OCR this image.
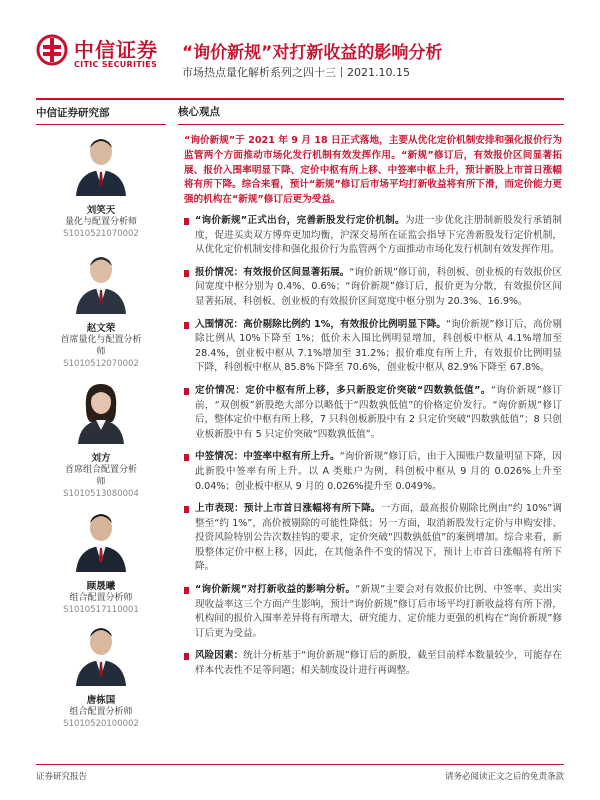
中信证券
CITIC SECURITIES
“询价新规”对打新收益的影响分析
市场热点量化解析系列之四十三丨2021.10.15
中信证券研究部	核心观点
刘笑天
量化与配置分析师
S1010521070002
赵文荣
首席量化与配置分析师
S1010512070002
刘方
首席组合配置分析师
S1010513080004
顾晟曦
组合配置分析师
S1010517110001
唐栋国
组合配置分析师
S1010520100002
“询价新规”于 2021 年 9 月 18 日正式落地，主要从优化定价机制安排和强化报价行为监管两个方面推动市场化发行机制有效发挥作用。“新规”修订后，有效报价区间显著拓展、报价入围率明显下降、定价中枢有所上移、中签率中枢上升，预计新股上市首日涨幅将有所下降。综合来看，预计“新规”修订后市场平均打新收益将有所下滑，而定价能力更强的机构在“新规”修订后更为受益。
“询价新规”正式出台，完善新股发行定价机制。为进一步优化注册制新股发行承销制度，促进买卖双方博弈更加均衡，沪深交易所在证监会指导下完善新股发行定价机制，从优化定价机制安排和强化报价行为监管两个方面推动市场化发行机制有效发挥作用。
报价情况：有效报价区间显著拓展。“询价新规”修订前，科创板、创业板的有效报价区间宽度中枢分别为 0.4%、0.6%；“询价新规”修订后，报价更为分散，有效报价区间显著拓展，科创板、创业板的有效报价区间宽度中枢分别为 20.3%、16.9%。
入围情况：高价剔除比例约 1%，有效报价比例明显下降。“询价新规”修订后，高价剔除比例从 10%下降至 1%；低价未入围比例明显增加，科创板中枢从 4.1%增加至 28.4%，创业板中枢从 7.1%增加至 31.2%；报价难度有所上升，有效报价比例明显下降，科创板中枢从 85.8%下降至 70.6%，创业板中枢从 82.9%下降至 67.8%。
定价情况：定价中枢有所上移，多只新股定价突破“四数孰低值”。“询价新规”修订前，“双创板”新股绝大部分以略低于“四数孰低值”的价格定价发行。“询价新规”修订后，整体定价中枢有所上移，7 只科创板新股中有 2 只定价突破“四数孰低值”；8 只创业板新股中有 5 只定价突破“四数孰低值”。
中签情况：中签率中枢有所上升。“询价新规”修订后，由于入围账户数量明显下降，因此新股中签率有所上升。以 A 类账户为例，科创板中枢从 9 月的 0.026%上升至 0.04%；创业板中枢从 9 月的 0.026%提升至 0.049%。
上市表现：预计上市首日涨幅将有所下降。一方面，最高报价剔除比例由“约 10%”调整至“约 1%”，高价被剔除的可能性降低；另一方面，取消新股发行定价与申购安排、投资风险特别公告次数挂钩的要求，定价突破“四数孰低值”的案例增加。综合来看，新股整体定价中枢上移，因此，在其他条件不变的情况下，预计上市首日涨幅将有所下降。
“询价新规”对打新收益的影响分析。“新规”主要会对有效报价比例、中签率、卖出实现收益率这三个方面产生影响，预计“询价新规”修订后市场平均打新收益将有所下滑，机构间的报价入围率差异将有所增大，研究能力、定价能力更强的机构在“询价新规”修订后更为受益。
风险因素：统计分析基于“询价新规”修订后的新股，截至目前样本数量较少，可能存在样本代表性不足等问题；相关制度设计进行再调整。
证券研究报告	请务必阅读正文之后的免责条款
